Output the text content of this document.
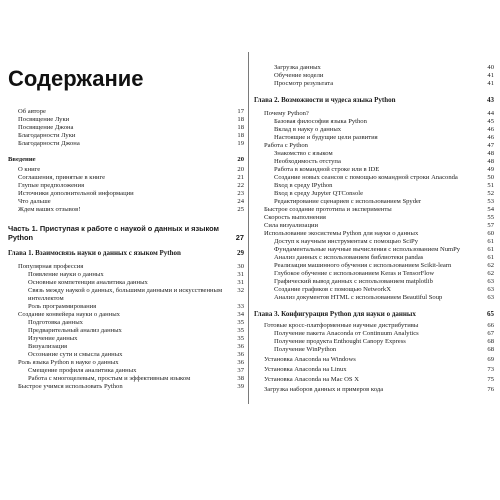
Содержание
Об авторе	17
Посвящение Луки	18
Посвящение Джона	18
Благодарности Луки	18
Благодарности Джона	19
Введение	20
О книге	20
Соглашения, принятые в книге	21
Глупые предположения	22
Источники дополнительной информации	23
Что дальше	24
Ждем ваших отзывов!	25
Часть 1. Приступая к работе с наукой о данных и языком Python	27
Глава 1. Взаимосвязь науки о данных с языком Python	29
Популярная профессия	30
Появление науки о данных	31
Основные компетенции аналитика данных	31
Связь между наукой о данных, большими данными и искусственным интеллектом
32
Роль программирования	33
Создание конвейера науки о данных	34
Подготовка данных	35
Предварительный анализ данных	35
Изучение данных	35
Визуализация	36
Осознание сути и смысла данных	36
Роль языка Python в науке о данных	36
Смещение профиля аналитика данных	37
Работа с многоцелевым, простым и эффективным языком	38
Быстрое учимся использовать Python	39
Загрузка данных	40
Обучение модели	41
Просмотр результата	41
Глава 2. Возможности и чудеса языка Python	43
Почему Python?	44
Базовая философия языка Python	45
Вклад в науку о данных	46
Настоящие и будущие цели развития	46
Работа с Python	47
Знакомство с языком	48
Необходимость отступа	48
Работа в командной строке или в IDE	49
Создание новых сеансов с помощью командной строки Anaconda	50
Вход в среду IPython	51
Вход в среду Jupyter QTConsole	52
Редактирование сценариев с использованием Spyder	53
Быстрое создание прототипа и эксперименты	54
Скорость выполнения	55
Сила визуализации	57
Использование экосистемы Python для науки о данных	60
Доступ к научным инструментам с помощью SciPy	61
Фундаментальные научные вычисления с использованием NumPy	61
Анализ данных с использованием библиотеки pandas	61
Реализация машинного обучения с использованием Scikit-learn	62
Глубокое обучение с использованием Keras и TensorFlow	62
Графический вывод данных с использованием matplotlib	63
Создание графиков с помощью NetworkX	63
Анализ документов HTML с использованием Beautiful Soup	63
Глава 3. Конфигурация Python для науки о данных	65
Готовые кросс-платформенные научные дистрибутивы	66
Получение пакета Anaconda от Continuum Analytics	67
Получение продукта Enthought Canopy Express	68
Получение WinPython	68
Установка Anaconda на Windows	69
Установка Anaconda на Linux	73
Установка Anaconda на Mac OS X	75
Загрузка наборов данных и примеров кода	76
